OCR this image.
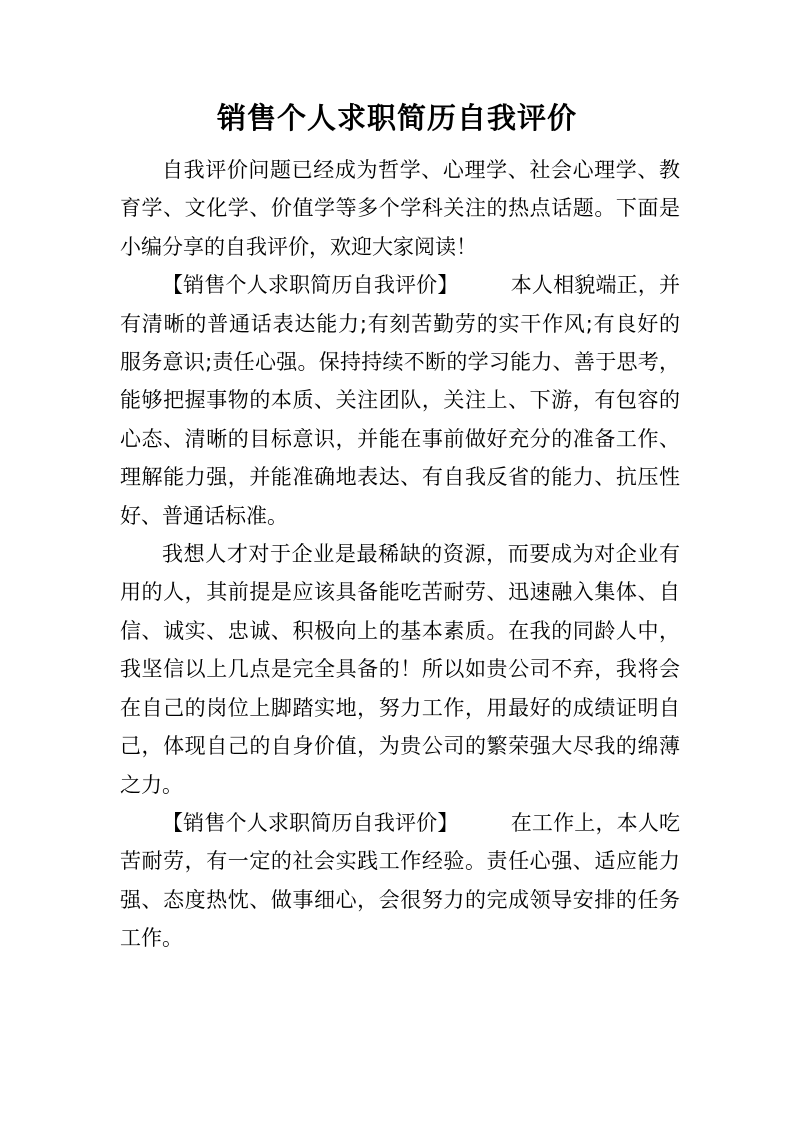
销售个人求职简历自我评价

自我评价问题已经成为哲学、心理学、社会心理学、教育学、文化学、价值学等多个学科关注的热点话题。下面是小编分享的自我评价，欢迎大家阅读！

【销售个人求职简历自我评价】 本人相貌端正，并有清晰的普通话表达能力;有刻苦勤劳的实干作风;有良好的服务意识;责任心强。保持持续不断的学习能力、善于思考，能够把握事物的本质、关注团队，关注上、下游，有包容的心态、清晰的目标意识，并能在事前做好充分的准备工作、理解能力强，并能准确地表达、有自我反省的能力、抗压性好、普通话标准。

我想人才对于企业是最稀缺的资源，而要成为对企业有用的人，其前提是应该具备能吃苦耐劳、迅速融入集体、自信、诚实、忠诚、积极向上的基本素质。在我的同龄人中，我坚信以上几点是完全具备的！所以如贵公司不弃，我将会在自己的岗位上脚踏实地，努力工作，用最好的成绩证明自己，体现自己的自身价值，为贵公司的繁荣强大尽我的绵薄之力。

【销售个人求职简历自我评价】 在工作上，本人吃苦耐劳，有一定的社会实践工作经验。责任心强、适应能力强、态度热忱、做事细心，会很努力的完成领导安排的任务工作。
